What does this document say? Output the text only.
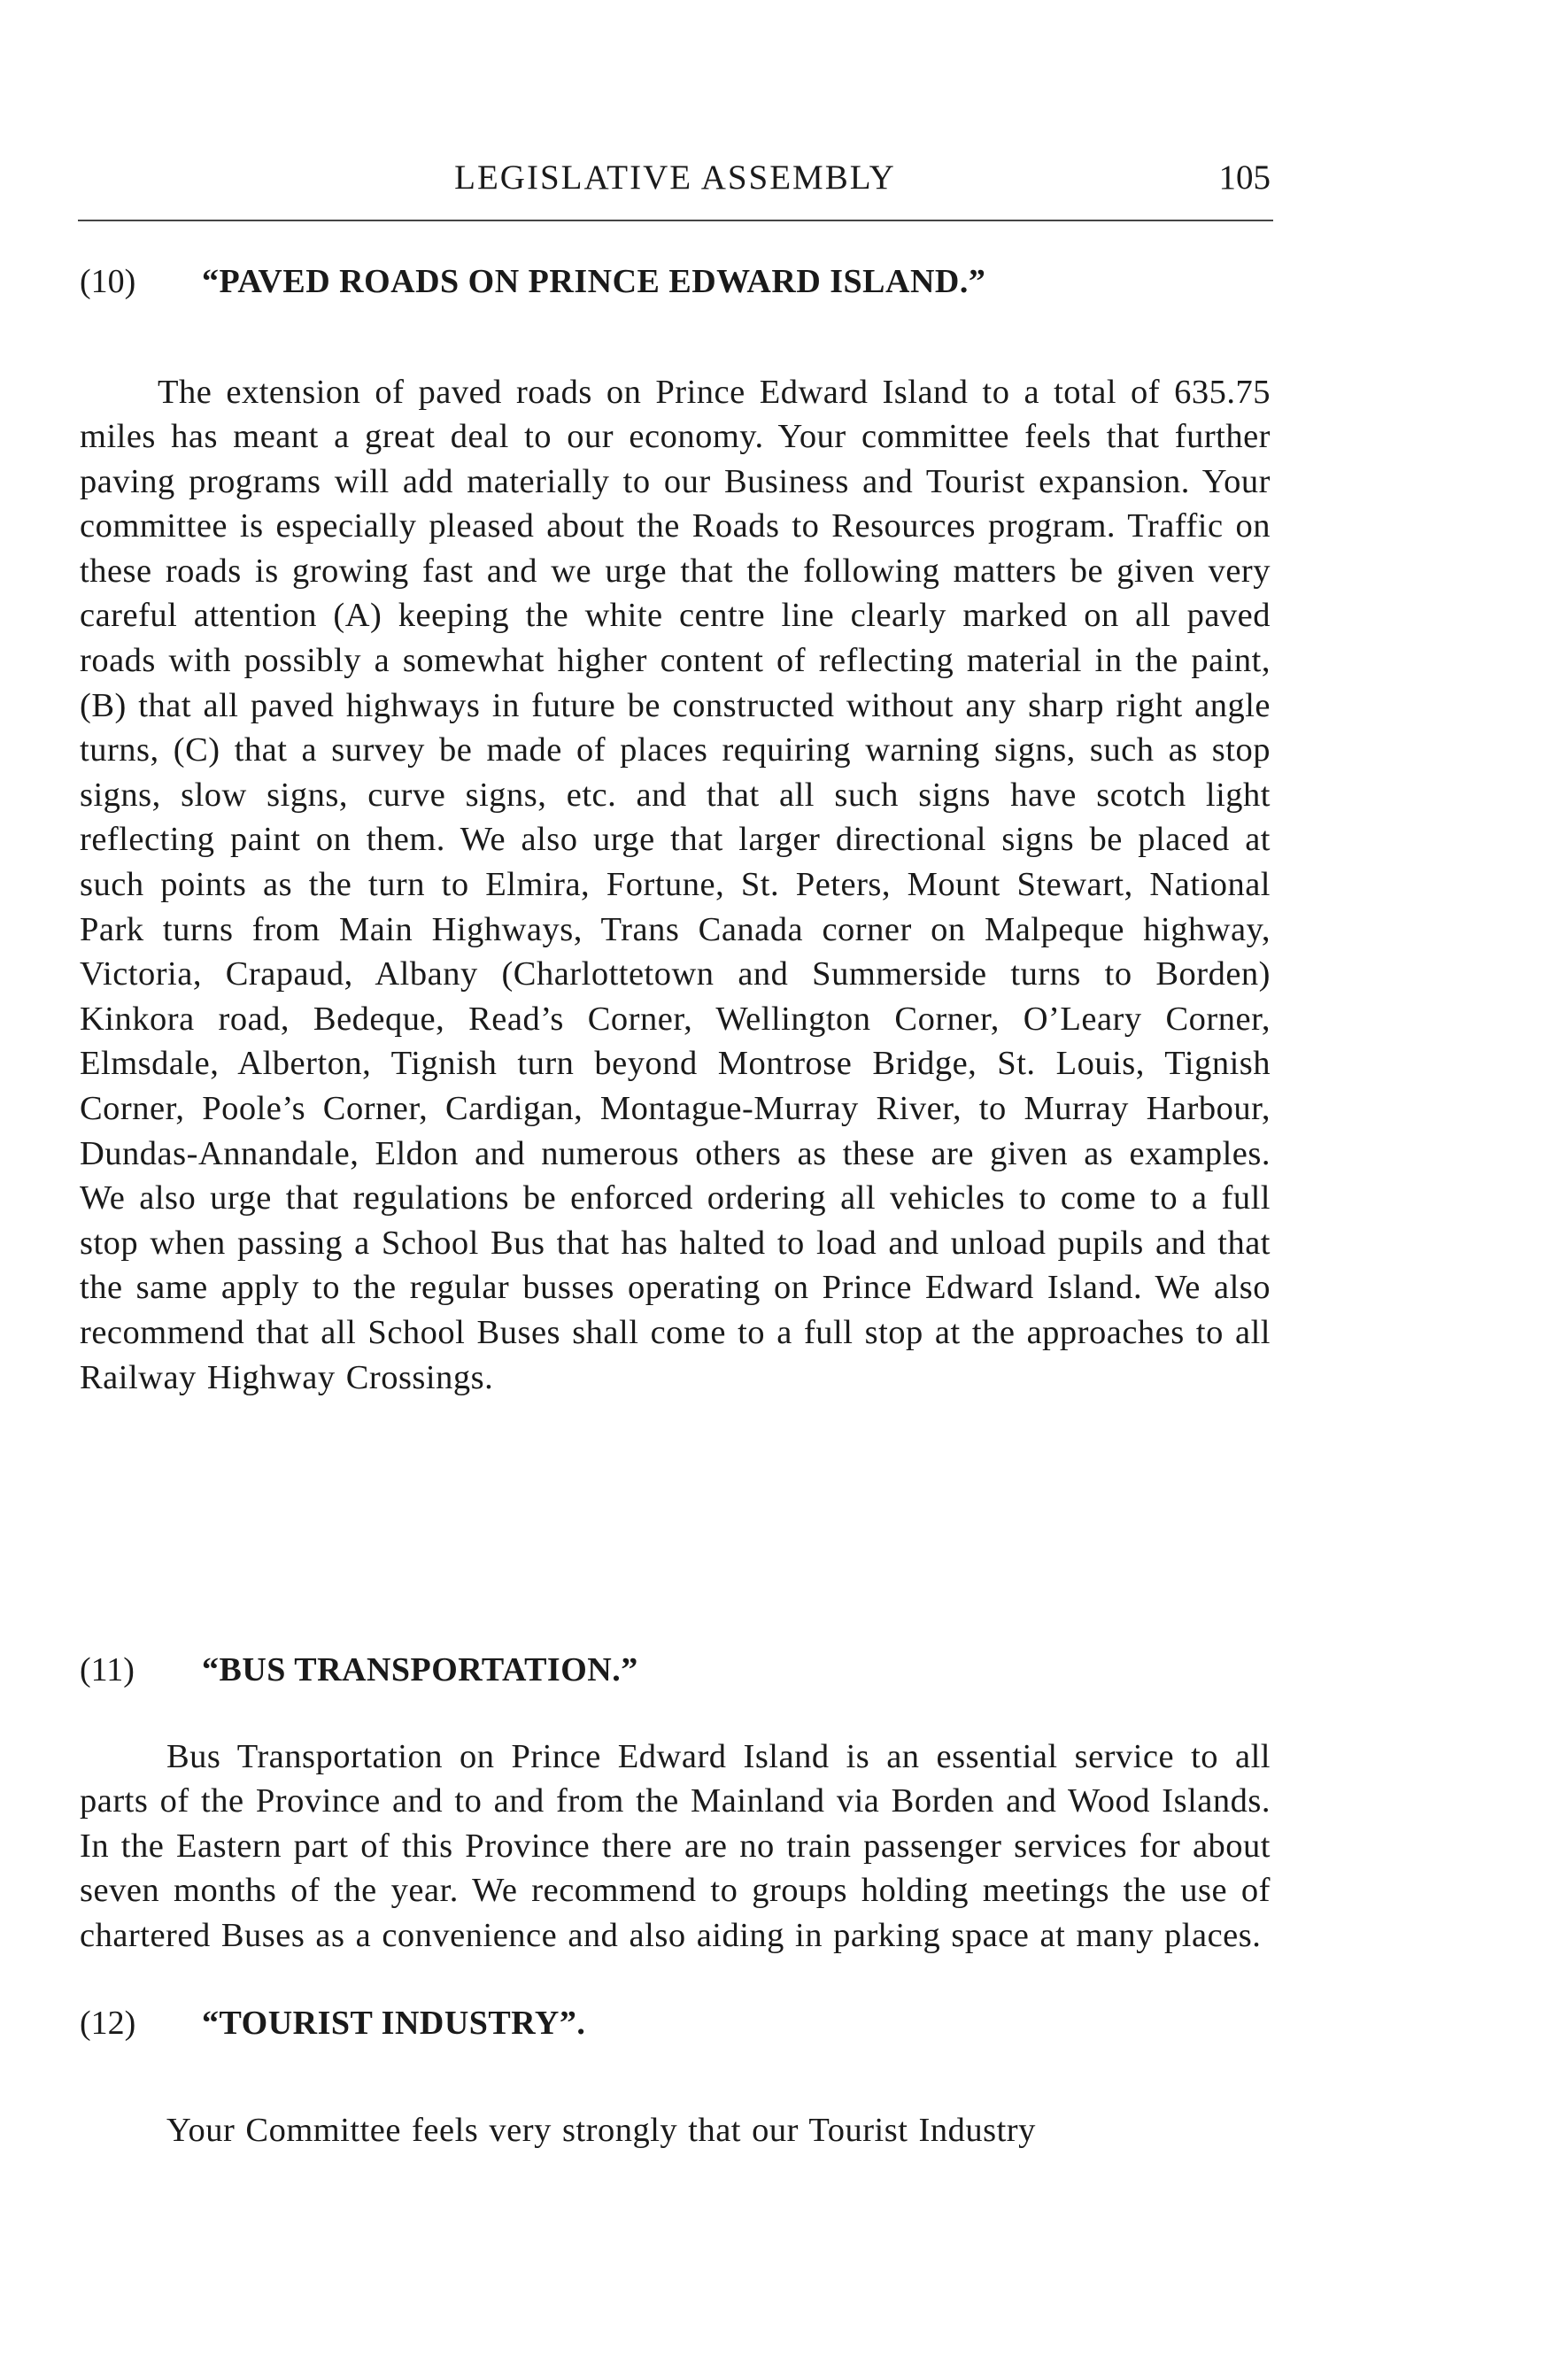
LEGISLATIVE ASSEMBLY	105
(10) “PAVED ROADS ON PRINCE EDWARD ISLAND.”

The extension of paved roads on Prince Edward Island to a total of 635.75 miles has meant a great deal to our economy. Your committee feels that further paving programs will add materially to our Business and Tourist expansion. Your committee is especially pleased about the Roads to Resources program. Traffic on these roads is growing fast and we urge that the following matters be given very careful attention (A) keeping the white centre line clearly marked on all paved roads with possibly a somewhat higher content of reflecting material in the paint, (B) that all paved highways in future be constructed without any sharp right angle turns, (C) that a survey be made of places requiring warning signs, such as stop signs, slow signs, curve signs, etc. and that all such signs have scotch light reflecting paint on them. We also urge that larger directional signs be placed at such points as the turn to Elmira, Fortune, St. Peters, Mount Stewart, National Park turns from Main Highways, Trans Canada corner on Malpeque highway, Victoria, Crapaud, Albany (Charlottetown and Summerside turns to Borden) Kinkora road, Bedeque, Read’s Corner, Wellington Corner, O’Leary Corner, Elmsdale, Alberton, Tignish turn beyond Montrose Bridge, St. Louis, Tignish Corner, Poole’s Corner, Cardigan, Montague-Murray River, to Murray Harbour, Dundas-Annandale, Eldon and numerous others as these are given as examples. We also urge that regulations be enforced ordering all vehicles to come to a full stop when passing a School Bus that has halted to load and unload pupils and that the same apply to the regular busses operating on Prince Edward Island. We also recommend that all School Buses shall come to a full stop at the approaches to all Railway Highway Crossings.

(11) “BUS TRANSPORTATION.”

Bus Transportation on Prince Edward Island is an essential service to all parts of the Province and to and from the Mainland via Borden and Wood Islands. In the Eastern part of this Province there are no train passenger services for about seven months of the year. We recommend to groups holding meetings the use of chartered Buses as a convenience and also aiding in parking space at many places.

(12) “TOURIST INDUSTRY”.

Your Committee feels very strongly that our Tourist Industry
